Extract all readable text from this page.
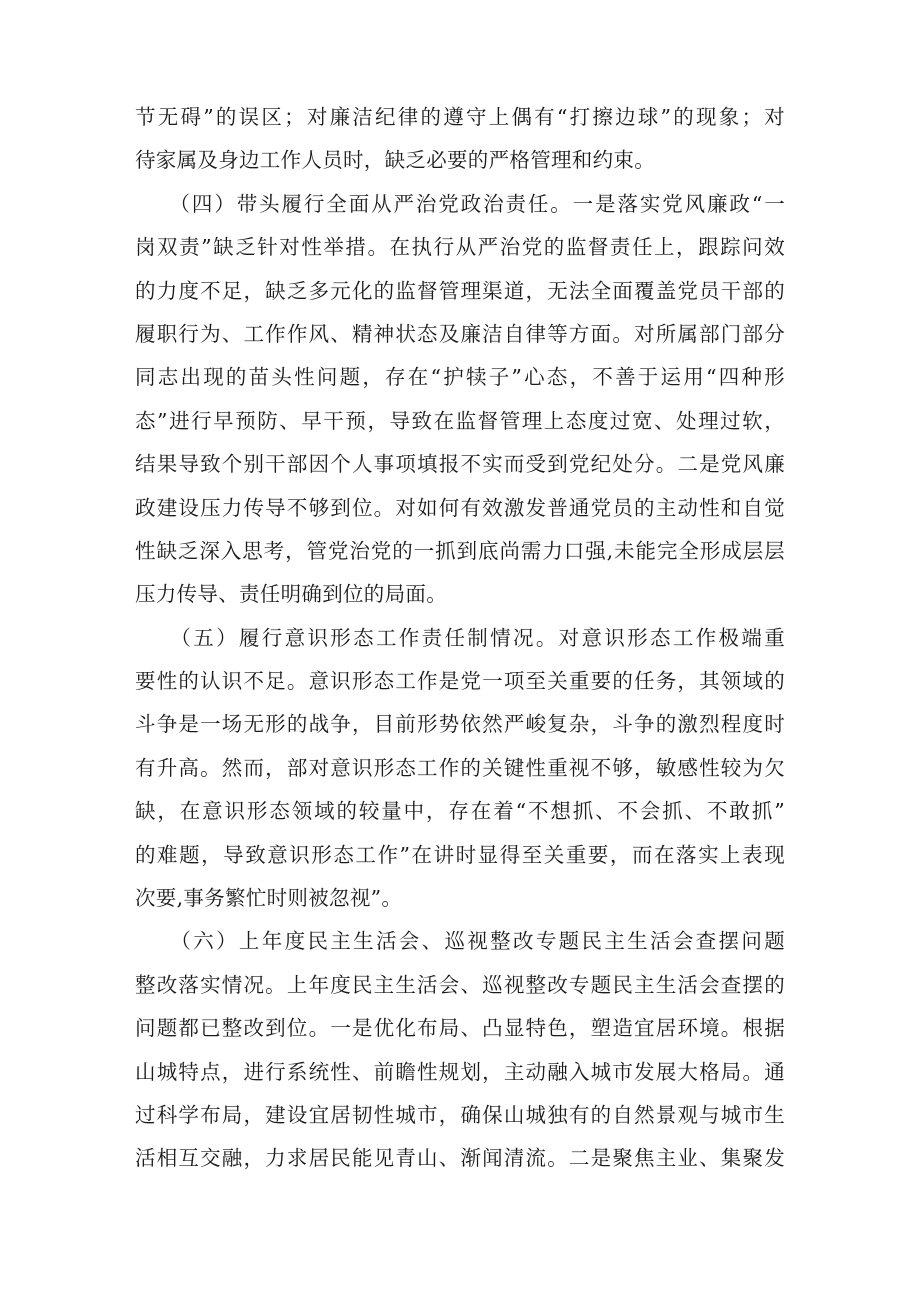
节无碍”的误区；对廉洁纪律的遵守上偶有“打擦边球”的现象；对
待家属及身边工作人员时，缺乏必要的严格管理和约束。
　　（四）带头履行全面从严治党政治责任。一是落实党风廉政“一
岗双责”缺乏针对性举措。在执行从严治党的监督责任上，跟踪问效
的力度不足，缺乏多元化的监督管理渠道，无法全面覆盖党员干部的
履职行为、工作作风、精神状态及廉洁自律等方面。对所属部门部分
同志出现的苗头性问题，存在“护犊子”心态，不善于运用“四种形
态”进行早预防、早干预，导致在监督管理上态度过宽、处理过软，
结果导致个别干部因个人事项填报不实而受到党纪处分。二是党风廉
政建设压力传导不够到位。对如何有效激发普通党员的主动性和自觉
性缺乏深入思考，管党治党的一抓到底尚需力口强,未能完全形成层层
压力传导、责任明确到位的局面。
　　（五）履行意识形态工作责任制情况。对意识形态工作极端重
要性的认识不足。意识形态工作是党一项至关重要的任务，其领域的
斗争是一场无形的战争，目前形势依然严峻复杂，斗争的激烈程度时
有升高。然而，部对意识形态工作的关键性重视不够，敏感性较为欠
缺，在意识形态领域的较量中，存在着“不想抓、不会抓、不敢抓”
的难题，导致意识形态工作”在讲时显得至关重要，而在落实上表现
次要,事务繁忙时则被忽视”。
　　（六）上年度民主生活会、巡视整改专题民主生活会查摆问题
整改落实情况。上年度民主生活会、巡视整改专题民主生活会查摆的
问题都已整改到位。一是优化布局、凸显特色，塑造宜居环境。根据
山城特点，进行系统性、前瞻性规划，主动融入城市发展大格局。通
过科学布局，建设宜居韧性城市，确保山城独有的自然景观与城市生
活相互交融，力求居民能见青山、渐闻清流。二是聚焦主业、集聚发
